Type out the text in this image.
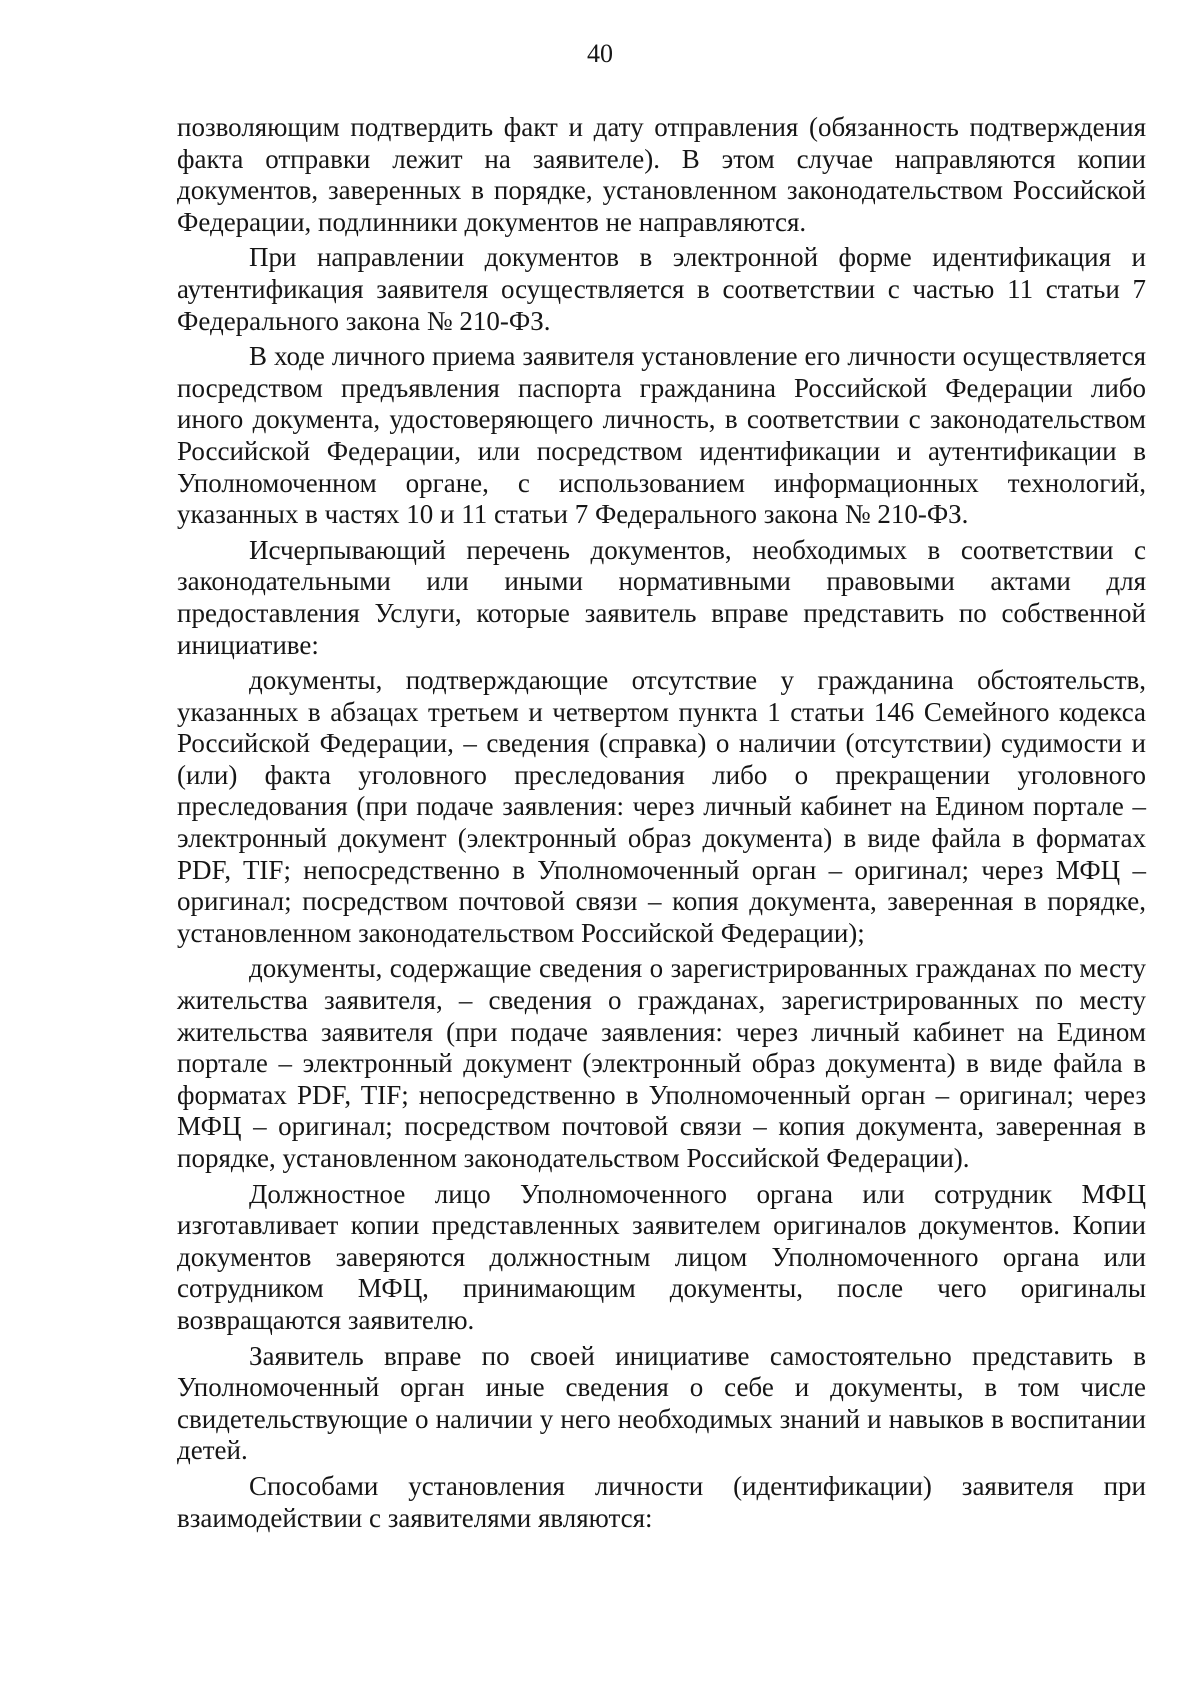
40

позволяющим подтвердить факт и дату отправления (обязанность подтверждения факта отправки лежит на заявителе). В этом случае направляются копии документов, заверенных в порядке, установленном законодательством Российской Федерации, подлинники документов не направляются.

При направлении документов в электронной форме идентификация и аутентификация заявителя осуществляется в соответствии с частью 11 статьи 7 Федерального закона № 210-ФЗ.

В ходе личного приема заявителя установление его личности осуществляется посредством предъявления паспорта гражданина Российской Федерации либо иного документа, удостоверяющего личность, в соответствии с законодательством Российской Федерации, или посредством идентификации и аутентификации в Уполномоченном органе, с использованием информационных технологий, указанных в частях 10 и 11 статьи 7 Федерального закона № 210-ФЗ.

Исчерпывающий перечень документов, необходимых в соответствии с законодательными или иными нормативными правовыми актами для предоставления Услуги, которые заявитель вправе представить по собственной инициативе:

документы, подтверждающие отсутствие у гражданина обстоятельств, указанных в абзацах третьем и четвертом пункта 1 статьи 146 Семейного кодекса Российской Федерации, – сведения (справка) о наличии (отсутствии) судимости и (или) факта уголовного преследования либо о прекращении уголовного преследования (при подаче заявления: через личный кабинет на Едином портале – электронный документ (электронный образ документа) в виде файла в форматах PDF, TIF; непосредственно в Уполномоченный орган – оригинал; через МФЦ – оригинал; посредством почтовой связи – копия документа, заверенная в порядке, установленном законодательством Российской Федерации);

документы, содержащие сведения о зарегистрированных гражданах по месту жительства заявителя, – сведения о гражданах, зарегистрированных по месту жительства заявителя (при подаче заявления: через личный кабинет на Едином портале – электронный документ (электронный образ документа) в виде файла в форматах PDF, TIF; непосредственно в Уполномоченный орган – оригинал; через МФЦ – оригинал; посредством почтовой связи – копия документа, заверенная в порядке, установленном законодательством Российской Федерации).

Должностное лицо Уполномоченного органа или сотрудник МФЦ изготавливает копии представленных заявителем оригиналов документов. Копии документов заверяются должностным лицом Уполномоченного органа или сотрудником МФЦ, принимающим документы, после чего оригиналы возвращаются заявителю.

Заявитель вправе по своей инициативе самостоятельно представить в Уполномоченный орган иные сведения о себе и документы, в том числе свидетельствующие о наличии у него необходимых знаний и навыков в воспитании детей.

Способами установления личности (идентификации) заявителя при взаимодействии с заявителями являются:
